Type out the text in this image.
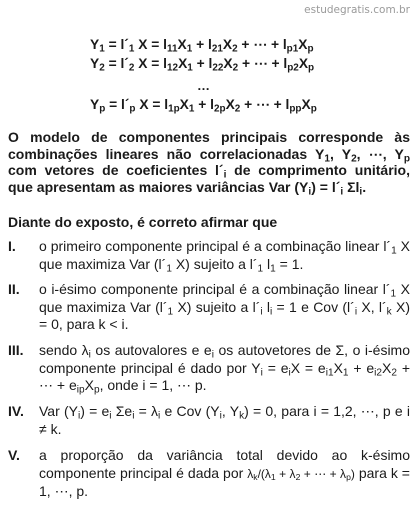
estudegratis.com.br
$Y_1$ = $l´_1$ $X = l_{11}X_1 + l_{21}X_2$ + ⋯ + $l_{p1}X_p$
$Y_2$ = $l´_2$ $X = l_{12}X_1 + l_{22}X_2$ + ⋯ + $l_{p2}X_p$
…
$Y_p$ = $l´_p$ $X = l_{1p}X_1 + l_{2p}X_2$ + ⋯ + $l_{pp}X_p$
O modelo de componentes principais corresponde às combinações lineares não correlacionadas $Y_1$, $Y_2$, ⋯, $Y_p$ com vetores de coeficientes $l´_i$ de comprimento unitário, que apresentam as maiores variâncias Var $(Y_i)$ = $l´_i$ $\Sigma l_i$.
Diante do exposto, é correto afirmar que
I. o primeiro componente principal é a combinação linear $l´_1$ X que maximiza Var ($l´_1$ X) sujeito a $l´_1$ $l_1 = 1$.
II. o i-ésimo componente principal é a combinação linear $l´_1$ X que maximiza Var ($l´_1$ X) sujeito a $l´_i$ $l_i = 1$ e Cov ($l´_i$ X, $l´_k$ X) = 0, para k < i.
III. sendo $\lambda_i$ os autovalores e $e_i$ os autovetores de Σ, o i-ésimo componente principal é dado por $Y_i = e_iX = e_{i1}X_1 + e_{i2}X_2$ + ⋯ + $e_{ip}X_p$, onde i = 1, ⋯ p.
IV. Var $(Y_i) = e_i$ $\Sigma e_i = \lambda_i$ e Cov ($Y_i$, $Y_k) = 0$, para i = 1,2, ⋯, p e i ≠ k.
V. a proporção da variância total devido ao k-ésimo componente principal é dada por $\lambda_k/(\lambda_1 + \lambda_2$ + ⋯ + $\lambda_p$) para k = 1, ⋯, p.
